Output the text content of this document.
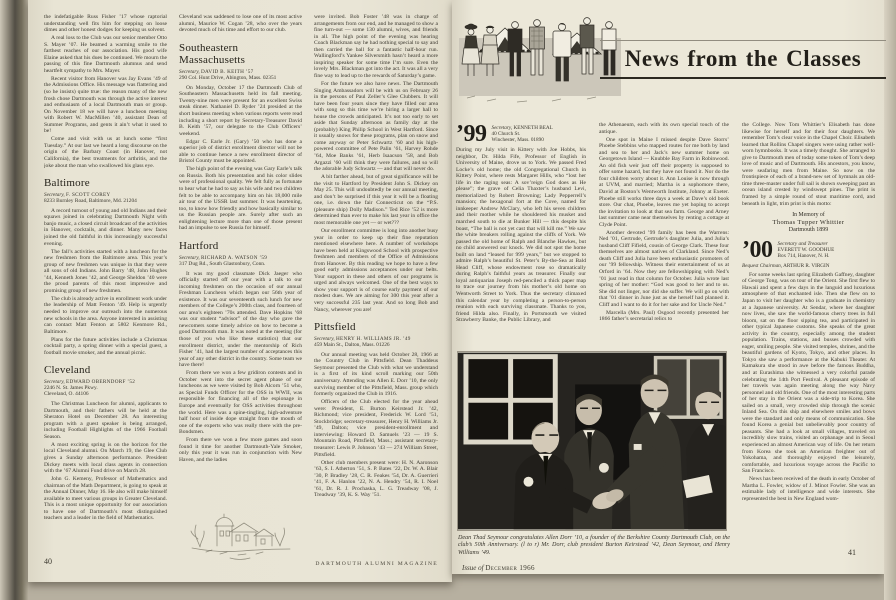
the indefatigable Russ Fisher ’17 whose raptorial understanding well fits him for stepping on loose dimes and other honest dodges for keeping us solvent.

A real loss to the Club was our senior member Otto S. Mayer ’07. He beamed a warming smile to the farthest reaches of our association. His good wife Elaine asked that his dues be continued. We mourn the passing of this fine Dartmouth alumnus and send heartfelt sympathy to Mrs. Mayer.

Recent visitor from Hanover was Jay Evans ’49 of the Admissions Office. His message was flattering and (so he insists) quite true: the reason many of the new frosh chose Dartmouth was through the active interest and enthusiasm of a local Dartmouth man or group. On November 18 we will have a luncheon meeting with Robert W. MacMillen ’40, assistant Dean of Summer Programs, and gents it ain’t what it used to be!

Come and visit with us at lunch some “first Tuesday.” At our last we heard a long discourse on the origin of the Barbary Coast (in Hanover, not California), the best treatments for arthritis, and the joke about the man who swallowed his glass eye.

Baltimore
Secretary, F. SCOTT COREY
8233 Burnley Road, Baltimore, Md. 21204

A record turnout of young and old Indians and their squaws joined in celebrating Dartmouth Night with banjo music, a closed circuit broadcast of the activities in Hanover, cocktails, and dinner. Many new faces joined the old faithful in this increasingly successful evening.

The fall’s activities started with a luncheon for the new freshmen from the Baltimore area. This year’s group of new freshmen was unique in that they were all sons of old Indians. John Barry ’48, John Hughes ’44, Kenneth Jones ’42, and George Sheldon ’40 were the proud parents of this most impressive and promising group of new freshmen.

The club is already active in enrollment work under the leadership of Matt Fenton ’49. Help is urgently needed to improve our outreach into the numerous new schools in the area. Anyone interested in assisting can contact Matt Fenton at 5802 Kenmore Rd., Baltimore.

Plans for the future activities include a Christmas cocktail party, a spring dinner with a special guest, a football movie smoker, and the annual picnic.

Cleveland
Secretary, EDWARD OBERNDORF ’52
2246 N. St. James Pkwy.
Cleveland, O. 44106

The Christmas Luncheon for alumni, applicants to Dartmouth, and their fathers will be held at the Sheraton Hotel on December 28. An interesting program with a guest speaker is being arranged, including Football Highlights of the 1966 Football Season.

A most exciting spring is on the horizon for the local Cleveland alumni. On March 19, the Glee Club gives a Sunday afternoon performance. President Dickey meets with local class agents in connection with the ’67 Alumni Fund drive on March 28.

John G. Kemeny, Professor of Mathematics and chairman of the Math Department, is going to speak at the Annual Dinner, May 16. He also will make himself available to meet various groups in Greater Cleveland. This is a most unique opportunity for our association to have one of Dartmouth’s most distinguished teachers and a leader in the field of Mathematics.

Cleveland was saddened to lose one of its most active alumni, Maurice W. Cogan ’28, who over the years devoted much of his time and effort to our club.

Southeastern Massachusetts
Secretary, DAVID B. KEITH ’57
290 Col. Hunt Drive, Abington, Mass. 02351

On Monday, October 17 the Dartmouth Club of Southeastern Massachusetts held its fall meeting. Twenty-nine men were present for an excellent Swiss steak dinner. Nathaniel D. Ryder ’24 presided at the short business meeting when various reports were read including a short report by Secretary-Treasurer David B. Keith ’57, our delegate to the Club Officers’ weekend.

Edgar C. Earle Jr. (Gary) ’50 who has done a superior job of district enrollment director will not be able to continue hence a new enrollment director of Bristol County must be appointed.

The high point of the evening was Gary Earle’s talk on Russia. Both his presentation and his color slides were of professional quality. We felt fully as fortunate to hear what he had to say as his wife and two children felt to be able to accompany him on his 18,000 mile air tour of the USSR last summer. It was heartening, too, to know how friendly and how basically similar to us the Russian people are. Surely after such an enlightening lecture more than one of those present had an impulse to see Russia for himself.

Hartford
Secretary, RICHARD A. WATSON ’59
317 Dug Rd., South Glastonbury, Conn.

It was my good classmate Dick Jaeger who officially started off our year with a talk to our incoming freshmen on the occasion of our annual Freshman Luncheon which began our 56th year of existence. It was our seventeenth such lunch for new members of the College’s 200th class, and fourteen of our area’s eighteen ’70s attended. Dave Hopkins ’68 was our student “advisor” of the day who gave the newcomers some timely advice on how to become a good Dartmouth man. It was noted at the meeting (for those of you who like these statistics) that our enrollment district, under the mentorship of Rich Fisher ’41, had the largest number of acceptances this year of any other district in the country. Some team we have there!

From there we won a few gridiron contests and in October went into the secret agent phase of our luncheons as we were visited by Bob Alcorn ’51 who, as Special Funds Officer for the OSS in WWII, was responsible for financing all of the espionage in Europe and eventually for OSS activities throughout the world. Here was a spine-tingling, high-adventure half hour of inside dope straight from the mouth of one of the experts who was really there with the pre-Bondsmen.

From there we won a few more games and soon found it time for another Dartmouth-Yale Smoker, only this year it was run in conjunction with New Haven, and the ladies

were invited. Bob Foster ’48 was in charge of arrangements from our end, and he managed to show a fine turn-out — some 130 alumni, wives, and friends in all. The high point of the evening was hearing Coach Blackman say he had nothing special to say and then carried the ball for a fantastic half-hour run. Wallingford’s Yankee Silversmith hasn’t heard a more inspiring speaker for some time I’m sure. Even the lovely Mrs. Blackman got into the act. It was all a very fine way to lead up to the rewards of Saturday’s game.

For the future we also have news. The Dartmouth Singing Ambassadors will be with us on February 26 in the persons of Paul Zeller’s Glee Clubbers. It will have been four years since they have filled our area with song so this time we’re hiring a larger hall to house the crowds anticipated. It’s not too early to set aside that Sunday afternoon as family day at the (probably) King Philip School in West Hartford. Since it usually snows for these programs, plan on snow and come anyway or Peter Schwartz ’60 and his high-powered committee of Pete Palin ’61, Harvey Rohde ’64, Moe Banks ’61, Herb Isaacson ’58, and Bob Argazzi ’60 will think they were failures, and so will the adorable Judy Schwartz — and that will never do.

A bit farther ahead, but of great significance will be the visit to Hartford by President John S. Dickey on May 25. This will undoubtedly be our annual meeting, and don’t be surprised if this year it will be a floating one, i.e. down the fair Connecticut on the “P.S. (pleasure ship) Dolly Madison.” Ted Rice ’52 is more determined than ever to make his last year in office the most memorable one yet — or wet???

Our enrollment committee is long into another busy year in order to keep up their fine reputation mentioned elsewhere here. A number of workshops have been held at Kingswood School with prospective freshmen and members of the Office of Admissions from Hanover. By this reading we hope to have a few good early admissions acceptances under our belts. Your support in these and others of our programs is urged and always welcomed. One of the best ways to show your support is of course early payment of our modest dues. We are aiming for 300 this year after a very successful 235 last year. And so long Bob and Nancy, wherever you are!

Pittsfield
Secretary, HENRY H. WILLIAMS JR. ’49
459 Main St., Dalton, Mass. 01226

Our annual meeting was held October 28, 1966 at the Country Club in Pittsfield. Dean Thaddeus Seymour presented the Club with what we understand is a first of its kind scroll marking our 50th anniversary. Attending was Allen E. Dorr ’10, the only surviving member of the Pittsfield, Mass. group which formerly organized the Club in 1916.

Officers of the Club elected for the year ahead were: President, E. Burton Keirstead Jr. ’42, Richmond; vice president, Frederick W. Lord ’51, Stockbridge; secretary-treasurer, Henry H. Williams Jr. ’49, Dalton; vice president-enrollment and interviewing: Howard D. Samuels ’23 — 19 S. Mountain Road, Pittsfield, Mass.; assistant secretary-treasurer: Lewis P. Johnson ’43 — 274 William Street, Pittsfield.

Other club members present were: H. N. Aaronson ’63, S. I. Atherton ’51, S. P. Bates ’22, Dr. W. A. Blair ’30, P. Bradley ’28, C. R. Feakes ’54, Dr. A. Guerrieri ’41, F. A. Hanlon ’22, N. A. Hendry ’54, R. I. Noel ’61, Dr. R. J. Prochaska, L. G. Treadway ’08, J. Treadway ’39, K. S. Way ’51.

40	DARTMOUTH ALUMNI MAGAZINE
News from the Classes
’99 Secretary, KENNETH BEAL
40 Church St.
Winchester, Mass. 01890

During my July visit in Kittery with Joe Hobbs, his neighbor, Dr. Hilda Fife, Professor of English in University of Maine, drove us to York. We passed Fred Locke’s old home; the old Congregational Church in Kittery Point, where rests Margaret Hills, who “lost her life in the raging seas: A sov’reign God does as He please”; the grave of Celia Thaxter’s husband Levi, memorialized by Robert Browning; Lady Pepperrell’s mansion; the hexagonal fort at the Cove, named for innkeeper Andrew McClary, who left his seven children and their mother while he shouldered his musket and marched south to die at Bunker Hill — this despite his boast, “The ball is not yet cast that will kill me.” We saw the white breakers rolling against the cliffs of York. We passed the old home of Ralph and Blanche Hawkes, but no child answered our knock. We did not spot the home built on land “leased for 999 years,” but we stopped to admire Ralph’s beautiful St. Peter’s By-the-Sea at Bald Head Cliff, whose endowment rose so dramatically during Ralph’s faithful years as treasurer. Finally our loyal antiquarian Joseph red-penciled a thick paper map to trace our journey from his mother’s old home on Wentworth Street to York. Thus the secretary climaxed this calendar year by completing a person-to-person reunion with each surviving classmate. Thanks to you, friend Hilda also. Finally, in Portsmouth we visited Strawberry Banke, the Public Library, and

the Athenaeum, each with its own special touch of the antique.

One spot in Maine I missed despite Dave Storrs’ Phoebe Stebbins who mapped routes for me both by land and sea to her and Jack’s new summer home on Georgetown Island — Knubble Bay Farm in Robinwood. An old fish weir just off their property is supposed to offer some hazard, but they have not found it. Nor do the four children worry about it. Ann Louise is now through at UVM, and married; Martha is a sophomore there, David at Boston’s Wentworth Institute, Johnny at Exeter. Phoebe still works three days a week at Dave’s old book store. Our chat, Phoebe, leaves me yet hoping to accept the invitation to look at that sea farm. George and Arney last summer came near themselves by renting a cottage at Clyde Point.

Another devoted ’99 family has been the Warrens: Ned ’01, Gertrude, Gertrude’s daughter Julia, and Julia’s husband Cliff Fifield, cousin of George Clark. These four themselves are almost natives of Clarkland. Since Ned’s death Cliff and Julia have been enthusiastic promoters of our ’99 fellowship. Witness their entertainment of us at Orford in ’64. Now they are fellowshipping with Ned’s ’01 just read in that column for October. Julia wrote last spring of her mother: “God was good to her and to us. She did not linger, nor did she suffer. We will go on with that ’01 dinner in June just as she herself had planned it. Cliff and I want to do it for her sake and for Uncle Ned.”

Marcella (Mrs. Paul) Osgood recently presented her 1866 father’s secretarial relics to

the College. Now Tom Whittier’s Elisabeth has done likewise for herself and for their four daughters. We remember Tom’s clear voice in the Chapel Choir. Elisabeth learned that Rollins Chapel singers were using rather well-worn hymnbooks. It was a timely thought. She arranged to give to Dartmouth men of today some token of Tom’s deep love of music and of Dartmouth. His ancestors, you know, were seafaring men from Maine. So now on the frontispiece of each of a brand-new set of hymnals an old-time three-master under full sail is shown sweeping past an ocean island crested by windswept pines. The print is framed by a simple round of stout maritime cord, and beneath in light, trim print is this motto:

In Memory of
Thomas Tupper Whittier
Dartmouth 1899
’00 Secretary and Treasurer
EVERETT W. GOODHUE
Box 714, Hanover, N. H.
Bequest Chairman, ARTHUR R. VIRGIN

For some weeks last spring Elizabeth Gaffney, daughter of George Tong, was on tour of the Orient. She first flew to Hawaii and spent a few days in the languid and luxurious atmosphere of that enchanted isle. Then she flew on to Japan to visit her daughter who is a graduate in chemistry at a Japanese university. At Sendar, where her daughter now lives, she saw the world-famous cherry trees in full bloom, sat on the floor sipping tea, and participated in other typical Japanese customs. She speaks of the great activity in the country, especially among the student population. Trains, stations, and busses crowded with eager, smiling people. She visited temples, shrines, and the beautiful gardens of Kyoto, Tokyo, and other places. In Tokyo she saw a performance at the Kabuki Theater. At Kamakura she stood in awe before the famous Buddha, and at Eurashima she witnessed a very colorful parade celebrating the 14th Port Festival. A pleasant episode of her travels was again meeting along the way Navy personnel and old friends. One of the most interesting parts of her stay in the Orient was a side-trip to Korea. She sailed on a small, very crowded ship through the scenic Inland Sea. On this ship and elsewhere smiles and bows were the standard and only means of communication. She found Korea a genial but unbelievably poor country of peasants. She had a look at small villages, traveled on incredibly slow trains, visited an orphanage and in Seoul experienced an almost American way of life. On her return from Korea she took an American freighter out of Yokohama, and thoroughly enjoyed the leisurely, comfortable, and luxurious voyage across the Pacific to San Francisco.

News has been received of the death in early October of Martha L. Fowler, widow of J. Minot Fowler. She was an estimable lady of intelligence and wide interests. She represented the best in New England wom-

Dean Thad Seymour congratulates Allen Dorr ’10, a founder of the Berkshire County Dartmouth Club, on the club’s 50th Anniversary. (l to r) Mr. Dorr, club president Burton Keirstead ’42, Dean Seymour, and Henry Williams ’49.
Issue of December 1966
41
